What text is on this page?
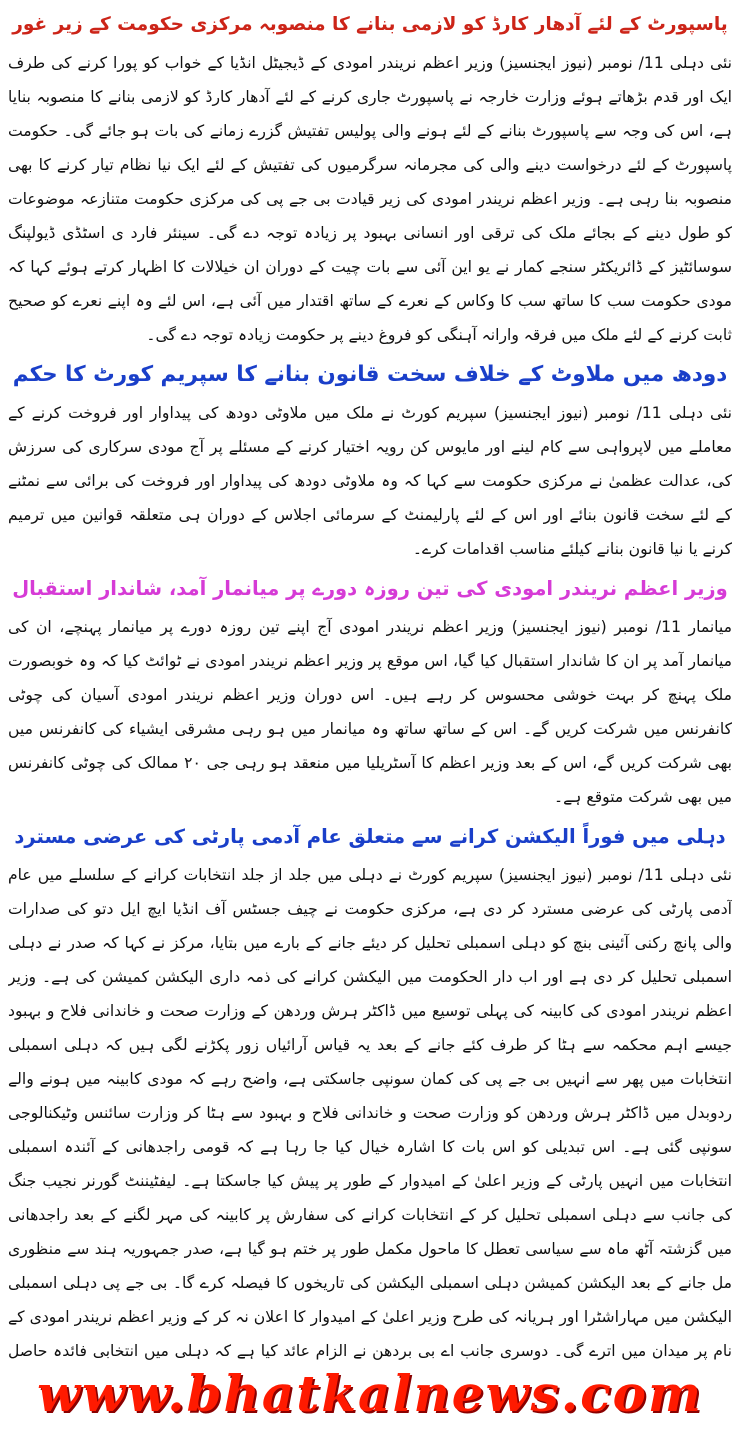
پاسپورٹ کے لئے آدھار کارڈ کو لازمی بنانے کا منصوبہ مرکزی حکومت کے زیر غور

نئی دہلی 11/ نومبر (نیوز ایجنسیز) وزیر اعظم نریندر امودی کے ڈیجیٹل انڈیا کے خواب کو پورا کرنے کی طرف ایک اور قدم بڑھاتے ہوئے وزارت خارجہ نے پاسپورٹ جاری کرنے کے لئے آدھار کارڈ کو لازمی بنانے کا منصوبہ بنایا ہے، اس کی وجہ سے پاسپورٹ بنانے کے لئے ہونے والی پولیس تفتیش گزرے زمانے کی بات ہو جائے گی۔ حکومت پاسپورٹ کے لئے درخواست دینے والی کی مجرمانہ سرگرمیوں کی تفتیش کے لئے ایک نیا نظام تیار کرنے کا بھی منصوبہ بنا رہی ہے۔ وزیر اعظم نریندر امودی کی زیر قیادت بی جے پی کی مرکزی حکومت متنازعہ موضوعات کو طول دینے کے بجائے ملک کی ترقی اور انسانی بہبود پر زیادہ توجہ دے گی۔ سینئر فارد ی اسٹڈی ڈیولپنگ سوسائٹیز کے ڈائریکٹر سنجے کمار نے یو این آئی سے بات چیت کے دوران ان خیلالات کا اظہار کرتے ہوئے کہا کہ مودی حکومت سب کا ساتھ سب کا وکاس کے نعرے کے ساتھ اقتدار میں آئی ہے، اس لئے وہ اپنے نعرے کو صحیح ثابت کرنے کے لئے ملک میں فرقہ وارانہ آہنگی کو فروغ دینے پر حکومت زیادہ توجہ دے گی۔

دودھ میں ملاوٹ کے خلاف سخت قانون بنانے کا سپریم کورٹ کا حکم

نئی دہلی 11/ نومبر (نیوز ایجنسیز) سپریم کورٹ نے ملک میں ملاوٹی دودھ کی پیداوار اور فروخت کرنے کے معاملے میں لاپرواہی سے کام لینے اور مایوس کن رویہ اختیار کرنے کے مسئلے پر آج مودی سرکاری کی سرزش کی، عدالت عظمیٰ نے مرکزی حکومت سے کہا کہ وہ ملاوٹی دودھ کی پیداوار اور فروخت کی برائی سے نمٹنے کے لئے سخت قانون بنائے اور اس کے لئے پارلیمنٹ کے سرمائی اجلاس کے دوران ہی متعلقہ قوانین میں ترمیم کرنے یا نیا قانون بنانے کیلئے مناسب اقدامات کرے۔

وزیر اعظم نریندر امودی کی تین روزہ دورے پر میانمار آمد، شاندار استقبال

میانمار 11/ نومبر (نیوز ایجنسیز) وزیر اعظم نریندر امودی آج اپنے تین روزہ دورے پر میانمار پہنچے، ان کی میانمار آمد پر ان کا شاندار استقبال کیا گیا، اس موقع پر وزیر اعظم نریندر امودی نے ٹوائٹ کیا کہ وہ خوبصورت ملک پہنچ کر بہت خوشی محسوس کر رہے ہیں۔ اس دوران وزیر اعظم نریندر امودی آسیان کی چوٹی کانفرنس میں شرکت کریں گے۔ اس کے ساتھ ساتھ وہ میانمار میں ہو رہی مشرقی ایشیاء کی کانفرنس میں بھی شرکت کریں گے، اس کے بعد وزیر اعظم کا آسٹریلیا میں منعقد ہو رہی جی ۲۰ ممالک کی چوٹی کانفرنس میں بھی شرکت متوقع ہے۔

دہلی میں فوراً الیکشن کرانے سے متعلق عام آدمی پارٹی کی عرضی مسترد

نئی دہلی 11/ نومبر (نیوز ایجنسیز) سپریم کورٹ نے دہلی میں جلد از جلد انتخابات کرانے کے سلسلے میں عام آدمی پارٹی کی عرضی مسترد کر دی ہے، مرکزی حکومت نے چیف جسٹس آف انڈیا ایچ ایل دتو کی صدارات والی پانچ رکنی آئینی بنچ کو دہلی اسمبلی تحلیل کر دیئے جانے کے بارے میں بتایا، مرکز نے کہا کہ صدر نے دہلی اسمبلی تحلیل کر دی ہے اور اب دار الحکومت میں الیکشن کرانے کی ذمہ داری الیکشن کمیشن کی ہے۔ وزیر اعظم نریندر امودی کی کابینہ کی پہلی توسیع میں ڈاکٹر ہرش وردھن کے وزارت صحت و خاندانی فلاح و بہبود جیسے اہم محکمہ سے ہٹا کر طرف کئے جانے کے بعد یہ قیاس آرائیاں زور پکڑنے لگی ہیں کہ دہلی اسمبلی انتخابات میں پھر سے انہیں بی جے پی کی کمان سونپی جاسکتی ہے، واضح رہے کہ مودی کابینہ میں ہونے والے ردوبدل میں ڈاکٹر ہرش وردھن کو وزارت صحت و خاندانی فلاح و بہبود سے ہٹا کر وزارت سائنس وٹیکنالوجی سونپی گئی ہے۔ اس تبدیلی کو اس بات کا اشارہ خیال کیا جا رہا ہے کہ قومی راجدھانی کے آئندہ اسمبلی انتخابات میں انہیں پارٹی کے وزیر اعلیٰ کے امیدوار کے طور پر پیش کیا جاسکتا ہے۔ لیفٹیننٹ گورنر نجیب جنگ کی جانب سے دہلی اسمبلی تحلیل کر کے انتخابات کرانے کی سفارش پر کابینہ کی مہر لگنے کے بعد راجدھانی میں گزشتہ آٹھ ماہ سے سیاسی تعطل کا ماحول مکمل طور پر ختم ہو گیا ہے، صدر جمہوریہ ہند سے منظوری مل جانے کے بعد الیکشن کمیشن دہلی اسمبلی الیکشن کی تاریخوں کا فیصلہ کرے گا۔ بی جے پی دہلی اسمبلی الیکشن میں مہاراشٹرا اور ہریانہ کی طرح وزیر اعلیٰ کے امیدوار کا اعلان نہ کر کے وزیر اعظم نریندر امودی کے نام پر میدان میں اترے گی۔ دوسری جانب اے بی بردھن نے الزام عائد کیا ہے کہ دہلی میں انتخابی فائدہ حاصل

www.bhatkalnews.com
